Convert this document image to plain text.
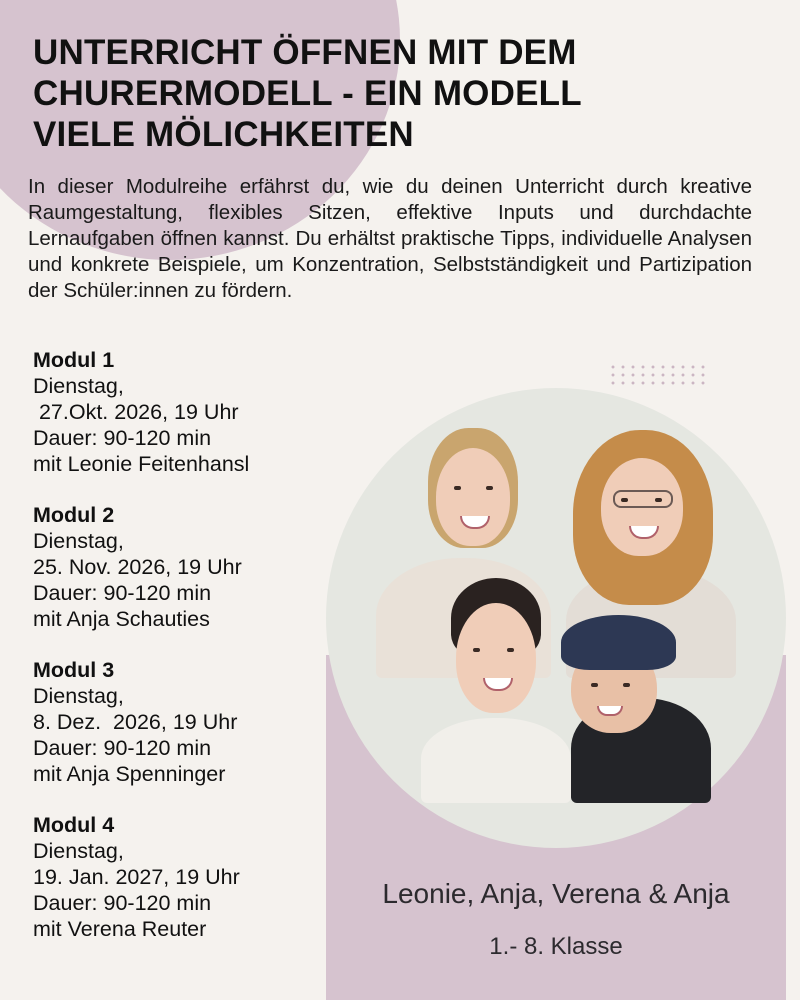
UNTERRICHT ÖFFNEN MIT DEM
CHURERMODELL - EIN MODELL
VIELE MÖLICHKEITEN

In dieser Modulreihe erfährst du, wie du deinen Unterricht durch kreative Raumgestaltung, flexibles Sitzen, effektive Inputs und durchdachte Lernaufgaben öffnen kannst. Du erhältst praktische Tipps, individuelle Analysen und konkrete Beispiele, um Konzentration, Selbstständigkeit und Partizipation der Schüler:innen zu fördern.

Modul 1
Dienstag,
27.Okt. 2026, 19 Uhr
Dauer: 90-120 min
mit Leonie Feitenhansl
Modul 2
Dienstag,
25. Nov. 2026, 19 Uhr
Dauer: 90-120 min
mit Anja Schauties
Modul 3
Dienstag,
8. Dez.  2026, 19 Uhr
Dauer: 90-120 min
mit Anja Spenninger
Modul 4
Dienstag,
19. Jan. 2027, 19 Uhr
Dauer: 90-120 min
mit Verena Reuter
Leonie, Anja, Verena & Anja
1.- 8. Klasse
